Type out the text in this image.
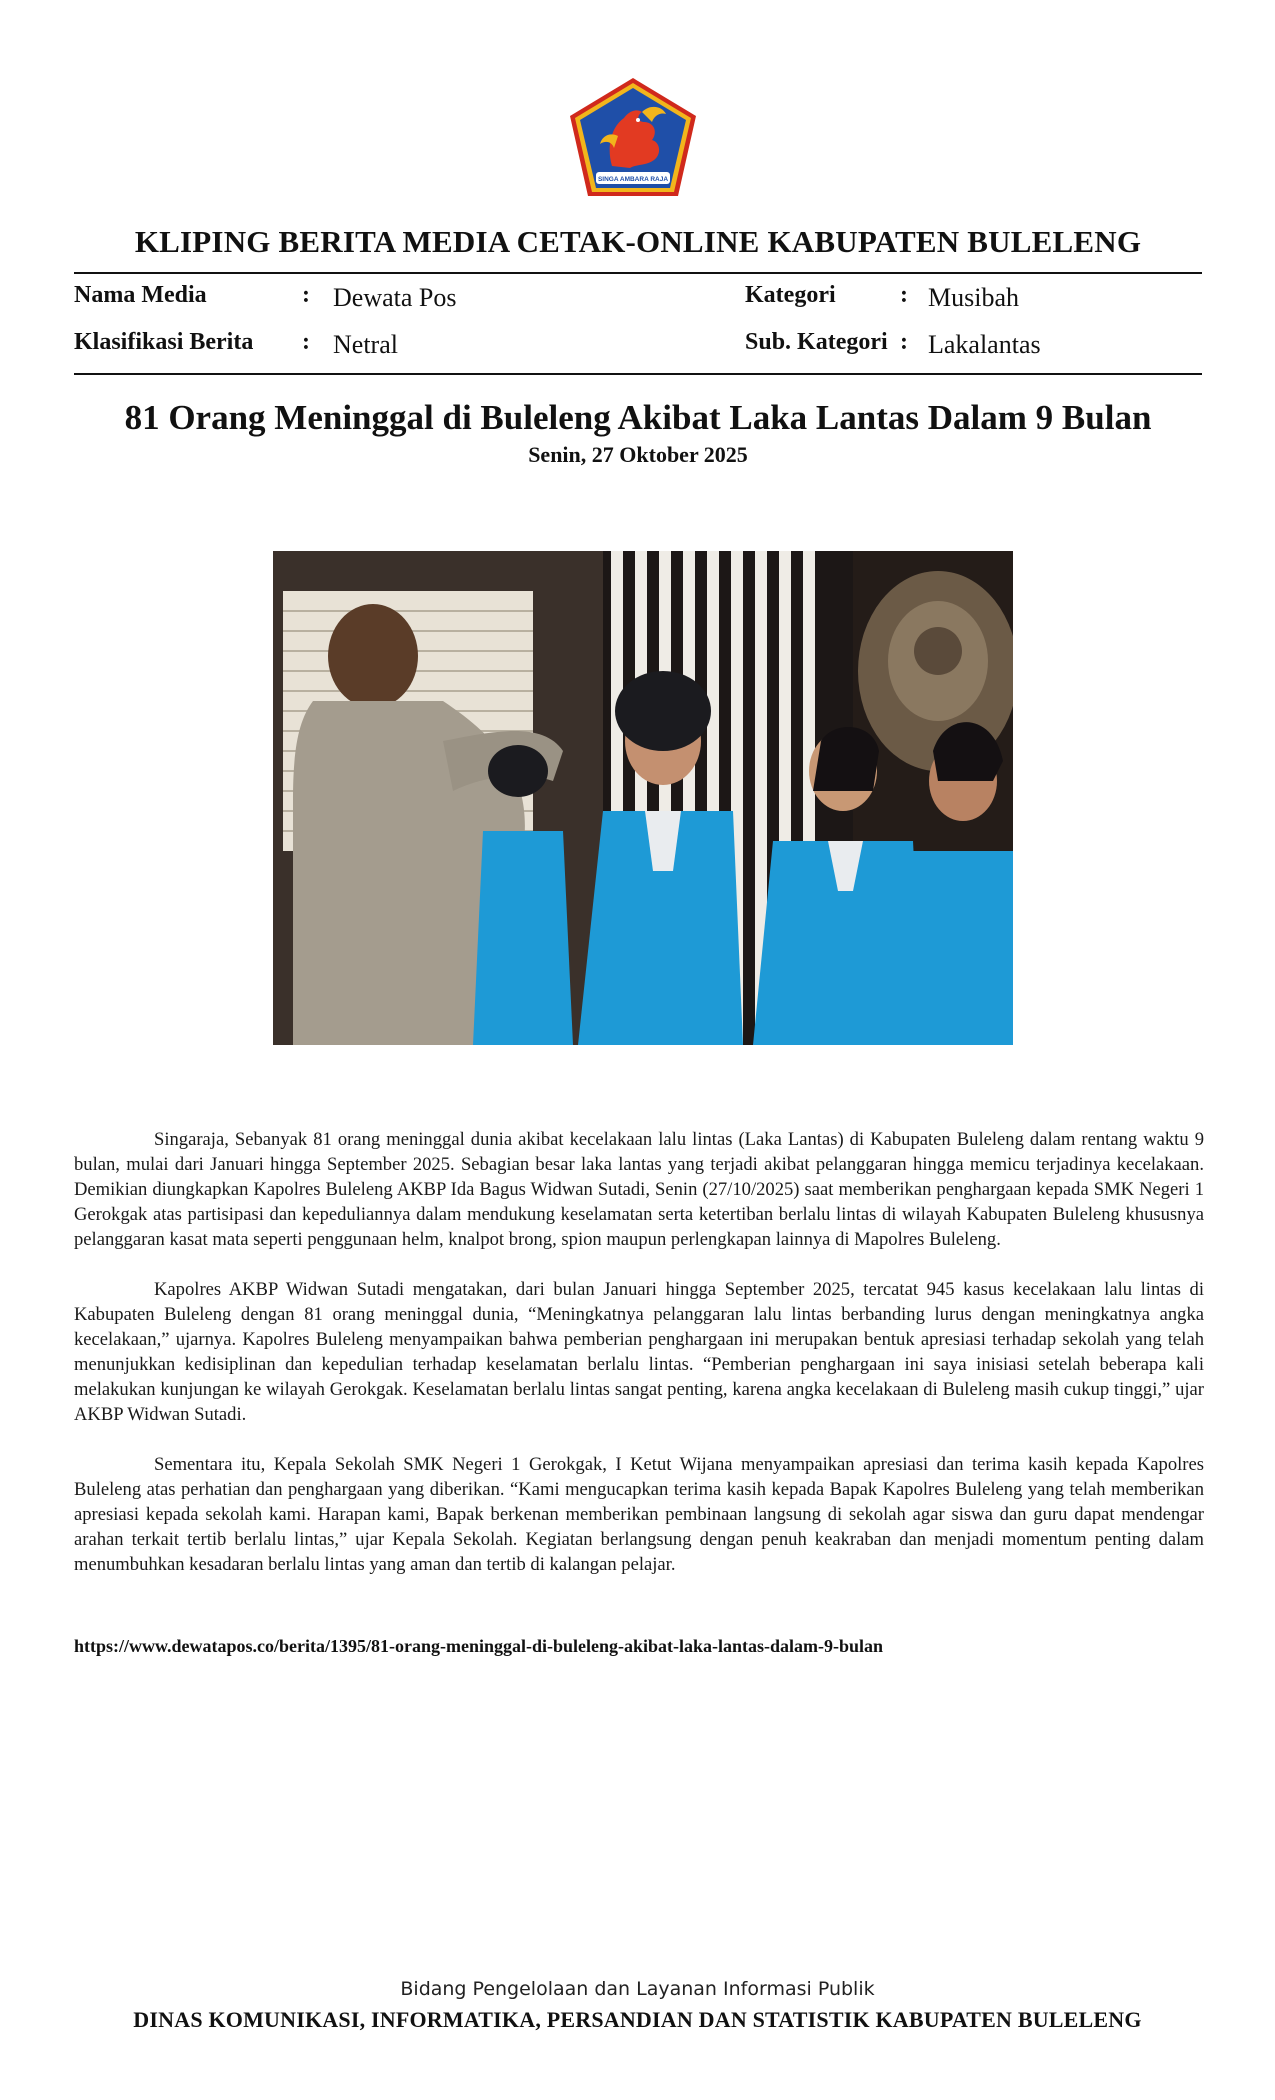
SINGA AMBARA RAJA
KLIPING BERITA MEDIA CETAK-ONLINE KABUPATEN BULELENG
Nama Media	: Dewata Pos
Klasifikasi Berita : Netral
Kategori	: Musibah
Sub. Kategori : Lakalantas
81 Orang Meninggal di Buleleng Akibat Laka Lantas Dalam 9 Bulan
Senin, 27 Oktober 2025

Singaraja, Sebanyak 81 orang meninggal dunia akibat kecelakaan lalu lintas (Laka Lantas) di Kabupaten Buleleng dalam rentang waktu 9 bulan, mulai dari Januari hingga September 2025. Sebagian besar laka lantas yang terjadi akibat pelanggaran hingga memicu terjadinya kecelakaan. Demikian diungkapkan Kapolres Buleleng AKBP Ida Bagus Widwan Sutadi, Senin (27/10/2025) saat memberikan penghargaan kepada SMK Negeri 1 Gerokgak atas partisipasi dan kepeduliannya dalam mendukung keselamatan serta ketertiban berlalu lintas di wilayah Kabupaten Buleleng khususnya pelanggaran kasat mata seperti penggunaan helm, knalpot brong, spion maupun perlengkapan lainnya di Mapolres Buleleng.

Kapolres AKBP Widwan Sutadi mengatakan, dari bulan Januari hingga September 2025, tercatat 945 kasus kecelakaan lalu lintas di Kabupaten Buleleng dengan 81 orang meninggal dunia, “Meningkatnya pelanggaran lalu lintas berbanding lurus dengan meningkatnya angka kecelakaan,” ujarnya. Kapolres Buleleng menyampaikan bahwa pemberian penghargaan ini merupakan bentuk apresiasi terhadap sekolah yang telah menunjukkan kedisiplinan dan kepedulian terhadap keselamatan berlalu lintas. “Pemberian penghargaan ini saya inisiasi setelah beberapa kali melakukan kunjungan ke wilayah Gerokgak. Keselamatan berlalu lintas sangat penting, karena angka kecelakaan di Buleleng masih cukup tinggi,” ujar AKBP Widwan Sutadi.

Sementara itu, Kepala Sekolah SMK Negeri 1 Gerokgak, I Ketut Wijana menyampaikan apresiasi dan terima kasih kepada Kapolres Buleleng atas perhatian dan penghargaan yang diberikan. “Kami mengucapkan terima kasih kepada Bapak Kapolres Buleleng yang telah memberikan apresiasi kepada sekolah kami. Harapan kami, Bapak berkenan memberikan pembinaan langsung di sekolah agar siswa dan guru dapat mendengar arahan terkait tertib berlalu lintas,” ujar Kepala Sekolah. Kegiatan berlangsung dengan penuh keakraban dan menjadi momentum penting dalam menumbuhkan kesadaran berlalu lintas yang aman dan tertib di kalangan pelajar.

https://www.dewatapos.co/berita/1395/81-orang-meninggal-di-buleleng-akibat-laka-lantas-dalam-9-bulan
Bidang Pengelolaan dan Layanan Informasi Publik
DINAS KOMUNIKASI, INFORMATIKA, PERSANDIAN DAN STATISTIK KABUPATEN BULELENG
